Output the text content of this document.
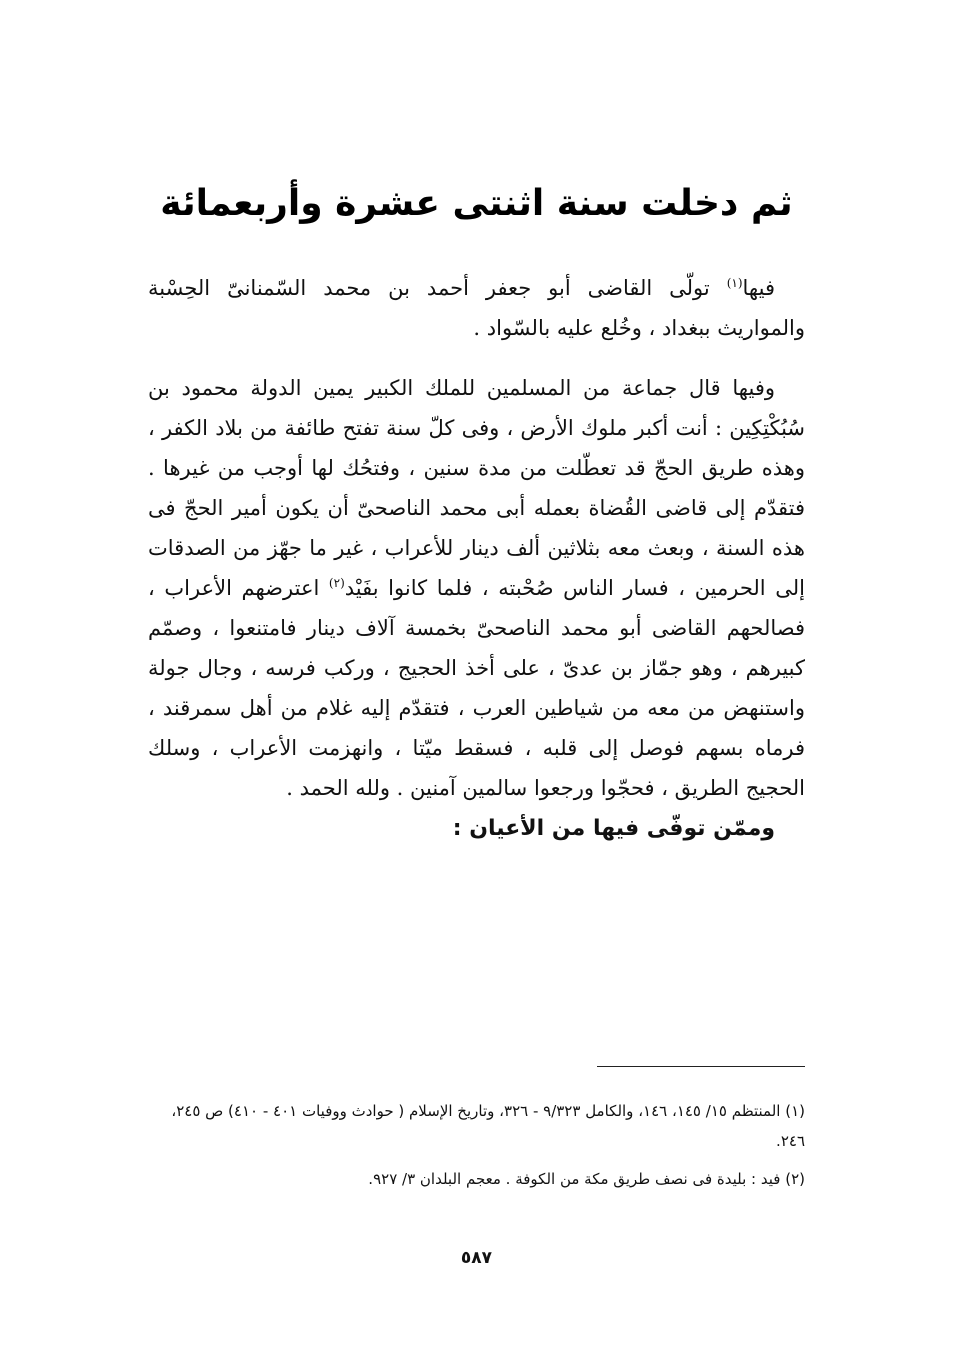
ثم دخلت سنة اثنتى عشرة وأربعمائة

فيها$^{(١)}$ تولّى القاضى أبو جعفر أحمد بن محمد السّمنانىّ الحِسْبة والمواريث ببغداد ، وخُلع عليه بالسّواد .

وفيها قال جماعة من المسلمين للملك الكبير يمين الدولة محمود بن سُبُكْتِكِين : أنت أكبر ملوك الأرض ، وفى كلّ سنة تفتح طائفة من بلاد الكفر ، وهذه طريق الحجّ قد تعطّلت من مدة سنين ، وفتحُك لها أوجب من غيرها . فتقدّم إلى قاضى القُضاة بعمله أبى محمد الناصحىّ أن يكون أمير الحجّ فى هذه السنة ، وبعث معه بثلاثين ألف دينار للأعراب ، غير ما جهّز من الصدقات إلى الحرمين ، فسار الناس صُحْبته ، فلما كانوا بفَيْد$^{(٢)}$ اعترضهم الأعراب ، فصالحهم القاضى أبو محمد الناصحىّ بخمسة آلاف دينار فامتنعوا ، وصمّم كبيرهم ، وهو جمّاز بن عدىّ ، على أخذ الحجيج ، وركب فرسه ، وجال جولة واستنهض من معه من شياطين العرب ، فتقدّم إليه غلام من أهل سمرقند ، فرماه بسهم فوصل إلى قلبه ، فسقط ميّتا ، وانهزمت الأعراب ، وسلك الحجيج الطريق ، فحجّوا ورجعوا سالمين آمنين . ولله الحمد .

وممّن توفّى فيها من الأعيان :

(١) المنتظم ١٥/ ١٤٥، ١٤٦، والكامل ٩/٣٢٣ - ٣٢٦، وتاريخ الإسلام ( حوادث ووفيات ٤٠١ - ٤١٠) ص ٢٤٥، ٢٤٦.

(٢) فيد : بليدة فى نصف طريق مكة من الكوفة . معجم البلدان ٣/ ٩٢٧.

٥٨٧
